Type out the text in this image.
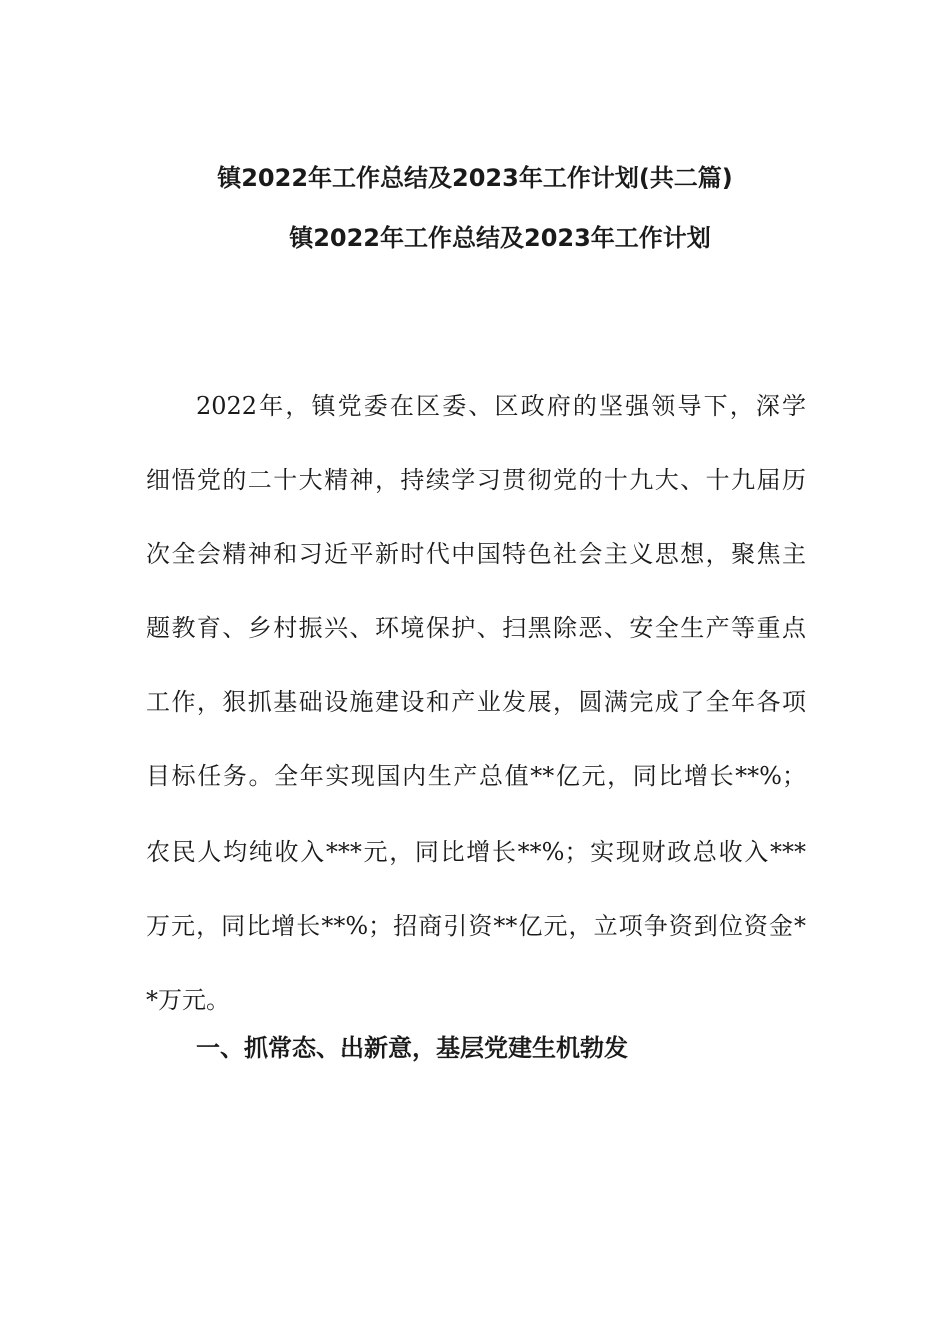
镇2022年工作总结及2023年工作计划(共二篇)
镇2022年工作总结及2023年工作计划
2022年，镇党委在区委、区政府的坚强领导下，深学
细悟党的二十大精神，持续学习贯彻党的十九大、十九届历
次全会精神和习近平新时代中国特色社会主义思想，聚焦主
题教育、乡村振兴、环境保护、扫黑除恶、安全生产等重点
工作，狠抓基础设施建设和产业发展，圆满完成了全年各项
目标任务。全年实现国内生产总值**亿元，同比增长**%；
农民人均纯收入***元，同比增长**%；实现财政总收入***
万元，同比增长**%；招商引资**亿元，立项争资到位资金*
*万元。
一、抓常态、出新意，基层党建生机勃发
